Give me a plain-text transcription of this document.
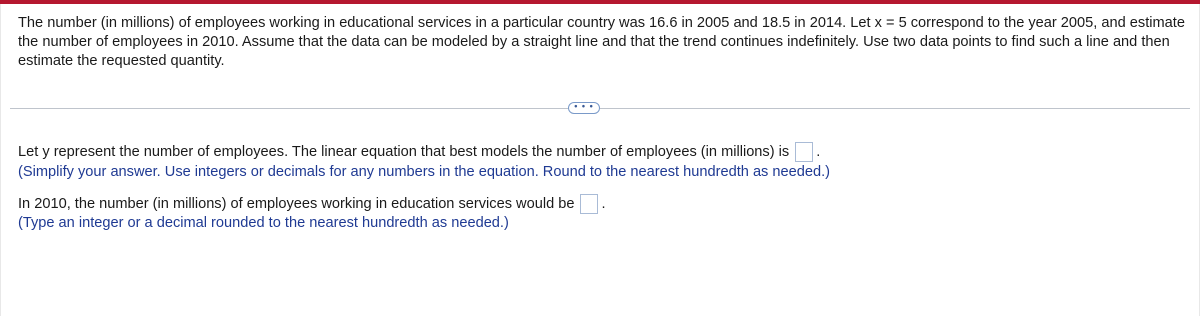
The number (in millions) of employees working in educational services in a particular country was 16.6 in 2005 and 18.5 in 2014. Let x = 5 correspond to the year 2005, and estimate the number of employees in 2010. Assume that the data can be modeled by a straight line and that the trend continues indefinitely. Use two data points to find such a line and then estimate the requested quantity.
• • •
Let y represent the number of employees. The linear equation that best models the number of employees (in millions) is .
(Simplify your answer. Use integers or decimals for any numbers in the equation. Round to the nearest hundredth as needed.)
In 2010, the number (in millions) of employees working in education services would be .
(Type an integer or a decimal rounded to the nearest hundredth as needed.)
